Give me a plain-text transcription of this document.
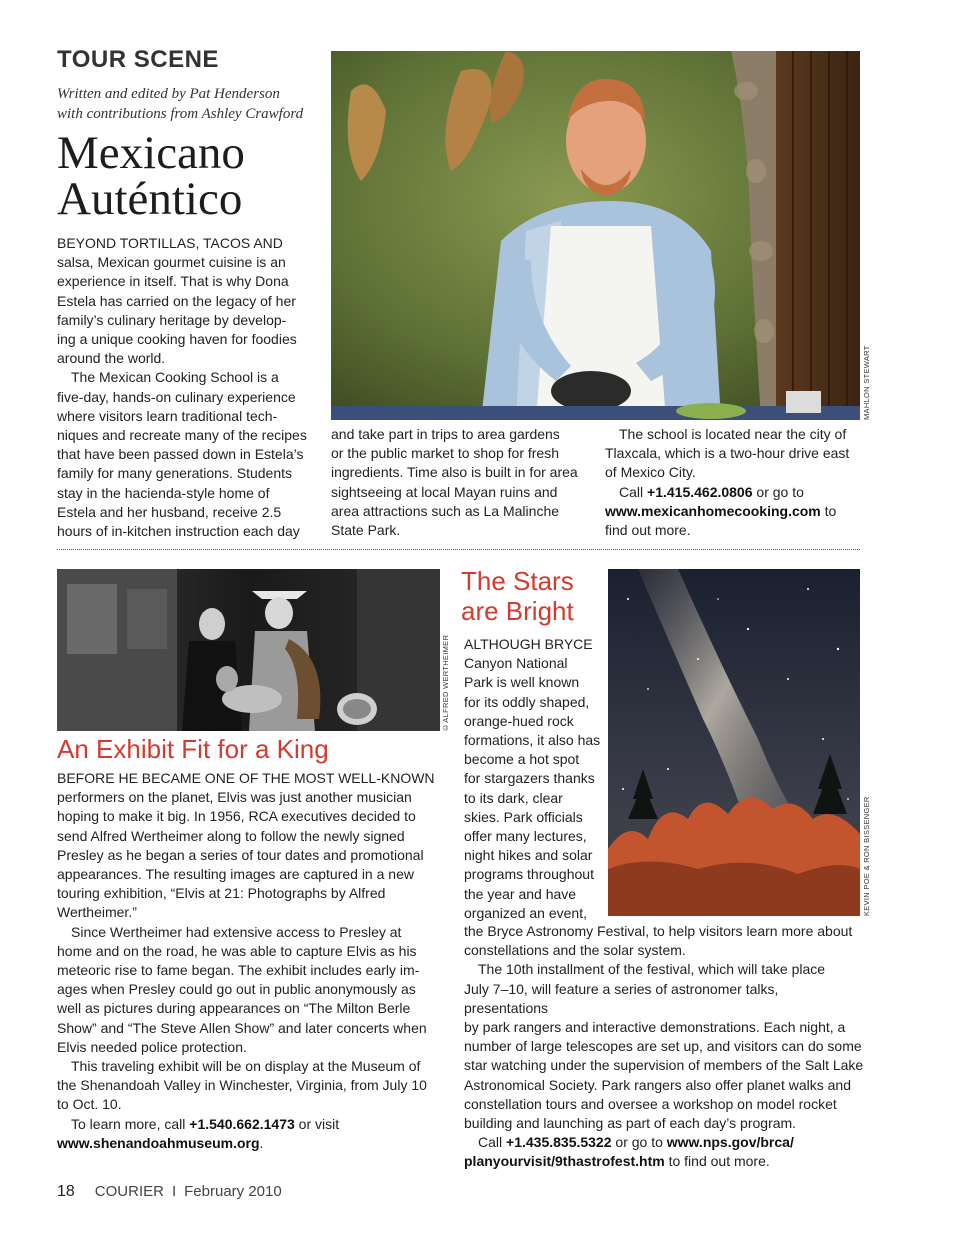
TOUR SCENE
Written and edited by Pat Henderson
with contributions from Ashley Crawford
Mexicano
Auténtico
MAHLON STEWART

BEYOND TORTILLAS, TACOS AND

salsa, Mexican gourmet cuisine is an

experience in itself. That is why Dona

Estela has carried on the legacy of her

family’s culinary heritage by develop-

ing a unique cooking haven for foodies

around the world.

The Mexican Cooking School is a

five-day, hands-on culinary experience

where visitors learn traditional tech-

niques and recreate many of the recipes

that have been passed down in Estela’s

family for many generations. Students

stay in the hacienda-style home of

Estela and her husband, receive 2.5

hours of in-kitchen instruction each day

and take part in trips to area gardens

or the public market to shop for fresh

ingredients. Time also is built in for area

sightseeing at local Mayan ruins and

area attractions such as La Malinche

State Park.

The school is located near the city of

Tlaxcala, which is a two-hour drive east

of Mexico City.

Call +1.415.462.0806 or go to

www.mexicanhomecooking.com to

find out more.

©ALFRED WERTHEIMER
An Exhibit Fit for a King

BEFORE HE BECAME ONE OF THE MOST WELL-KNOWN

performers on the planet, Elvis was just another musician

hoping to make it big. In 1956, RCA executives decided to

send Alfred Wertheimer along to follow the newly signed

Presley as he began a series of tour dates and promotional

appearances. The resulting images are captured in a new

touring exhibition, “Elvis at 21: Photographs by Alfred

Wertheimer.”

Since Wertheimer had extensive access to Presley at

home and on the road, he was able to capture Elvis as his

meteoric rise to fame began. The exhibit includes early im-

ages when Presley could go out in public anonymously as

well as pictures during appearances on “The Milton Berle

Show” and “The Steve Allen Show” and later concerts when

Elvis needed police protection.

This traveling exhibit will be on display at the Museum of

the Shenandoah Valley in Winchester, Virginia, from July 10

to Oct. 10.

To learn more, call +1.540.662.1473 or visit

www.shenandoahmuseum.org.

The Stars
are Bright
KEVIN POE & RON BISSENGER

ALTHOUGH BRYCE

Canyon National

Park is well known

for its oddly shaped,

orange-hued rock

formations, it also has

become a hot spot

for stargazers thanks

to its dark, clear

skies. Park officials

offer many lectures,

night hikes and solar

programs throughout

the year and have

organized an event,

the Bryce Astronomy Festival, to help visitors learn more about

constellations and the solar system.

The 10th installment of the festival, which will take place

July 7–10, will feature a series of astronomer talks, presentations

by park rangers and interactive demonstrations. Each night, a

number of large telescopes are set up, and visitors can do some

star watching under the supervision of members of the Salt Lake

Astronomical Society. Park rangers also offer planet walks and

constellation tours and oversee a workshop on model rocket

building and launching as part of each day’s program.

Call +1.435.835.5322 or go to www.nps.gov/brca/

planyourvisit/9thastrofest.htm to find out more.

18 COURIER I February 2010
